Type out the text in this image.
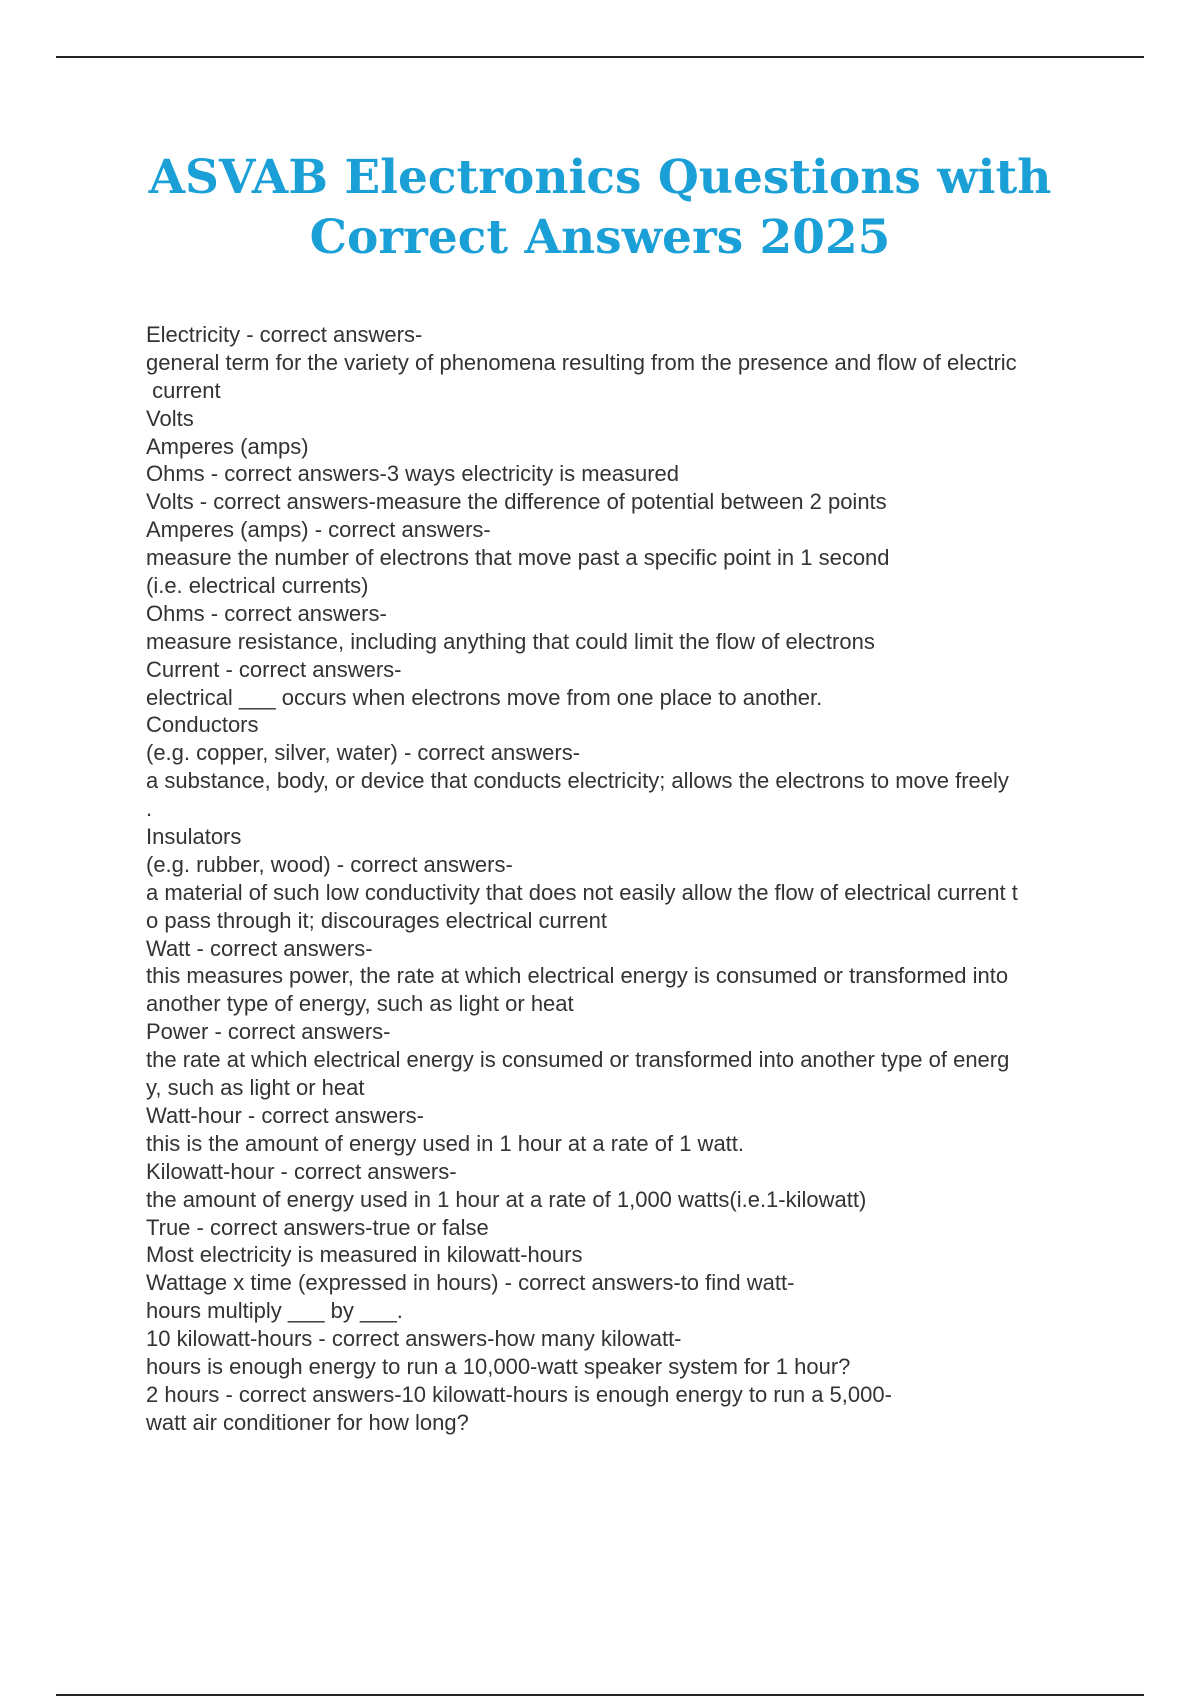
ASVAB Electronics Questions with
Correct Answers 2025
Electricity - correct answers-
general term for the variety of phenomena resulting from the presence and flow of electric
current
Volts
Amperes (amps)
Ohms - correct answers-3 ways electricity is measured
Volts - correct answers-measure the difference of potential between 2 points
Amperes (amps) - correct answers-
measure the number of electrons that move past a specific point in 1 second
(i.e. electrical currents)
Ohms - correct answers-
measure resistance, including anything that could limit the flow of electrons
Current - correct answers-
electrical ___ occurs when electrons move from one place to another.
Conductors
(e.g. copper, silver, water) - correct answers-
a substance, body, or device that conducts electricity; allows the electrons to move freely
.
Insulators
(e.g. rubber, wood) - correct answers-
a material of such low conductivity that does not easily allow the flow of electrical current t
o pass through it; discourages electrical current
Watt - correct answers-
this measures power, the rate at which electrical energy is consumed or transformed into
another type of energy, such as light or heat
Power - correct answers-
the rate at which electrical energy is consumed or transformed into another type of energ
y, such as light or heat
Watt-hour - correct answers-
this is the amount of energy used in 1 hour at a rate of 1 watt.
Kilowatt-hour - correct answers-
the amount of energy used in 1 hour at a rate of 1,000 watts(i.e.1-kilowatt)
True - correct answers-true or false
Most electricity is measured in kilowatt-hours
Wattage x time (expressed in hours) - correct answers-to find watt-
hours multiply ___ by ___.
10 kilowatt-hours - correct answers-how many kilowatt-
hours is enough energy to run a 10,000-watt speaker system for 1 hour?
2 hours - correct answers-10 kilowatt-hours is enough energy to run a 5,000-
watt air conditioner for how long?
